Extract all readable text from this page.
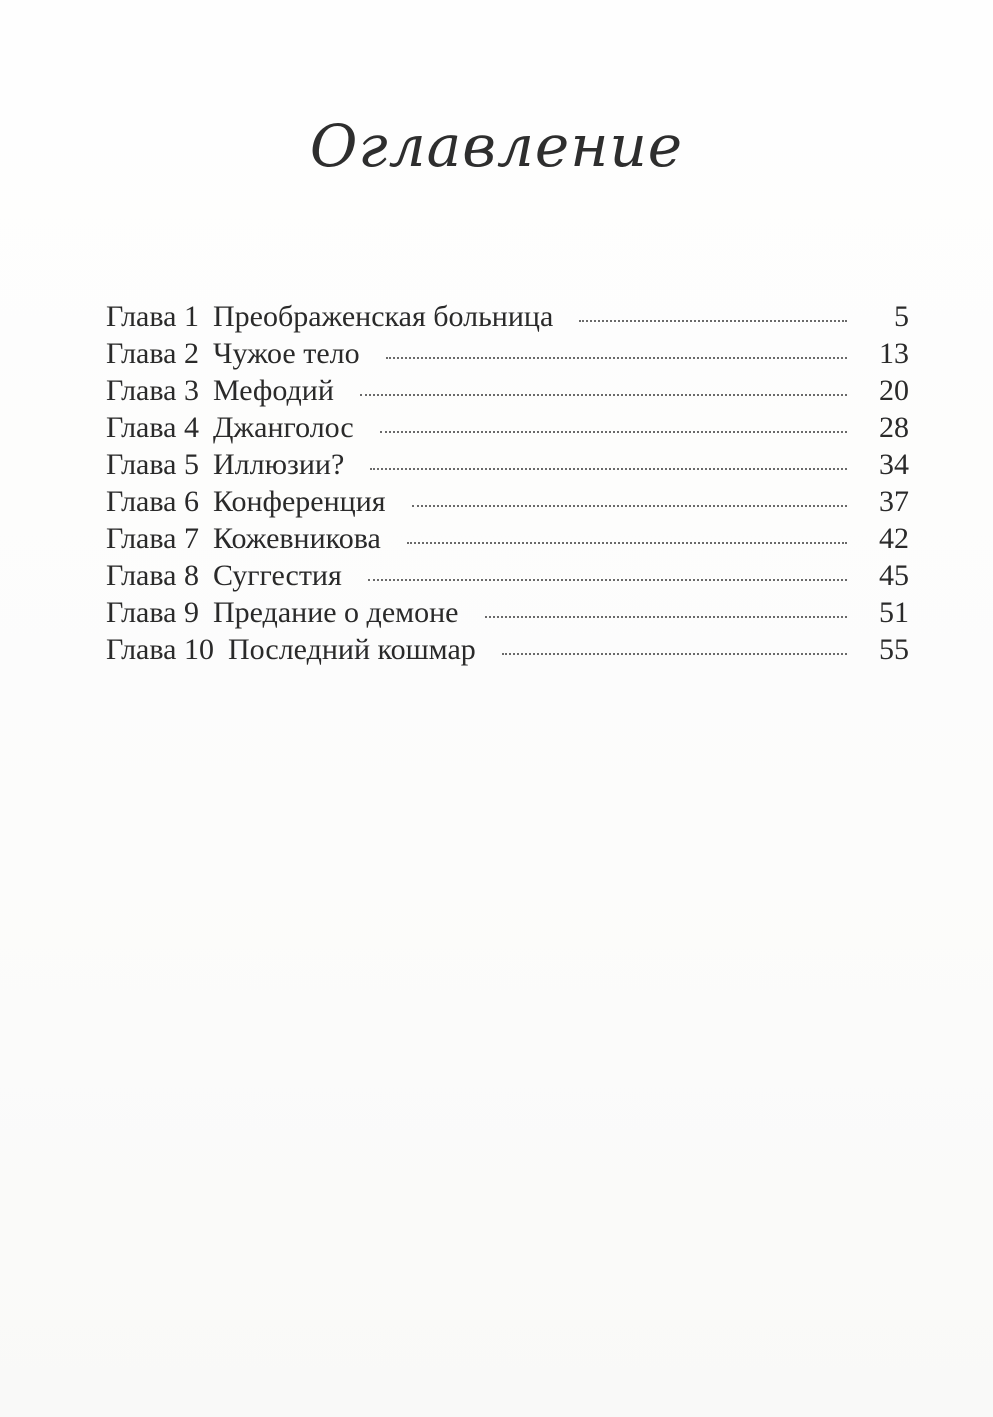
Оглавление
Глава 1 Преображенская больница	5
Глава 2 Чужое тело	13
Глава 3 Мефодий	20
Глава 4 Джанголос	28
Глава 5 Иллюзии?	34
Глава 6 Конференция	37
Глава 7 Кожевникова	42
Глава 8 Суггестия	45
Глава 9 Предание о демоне	51
Глава 10 Последний кошмар	55
